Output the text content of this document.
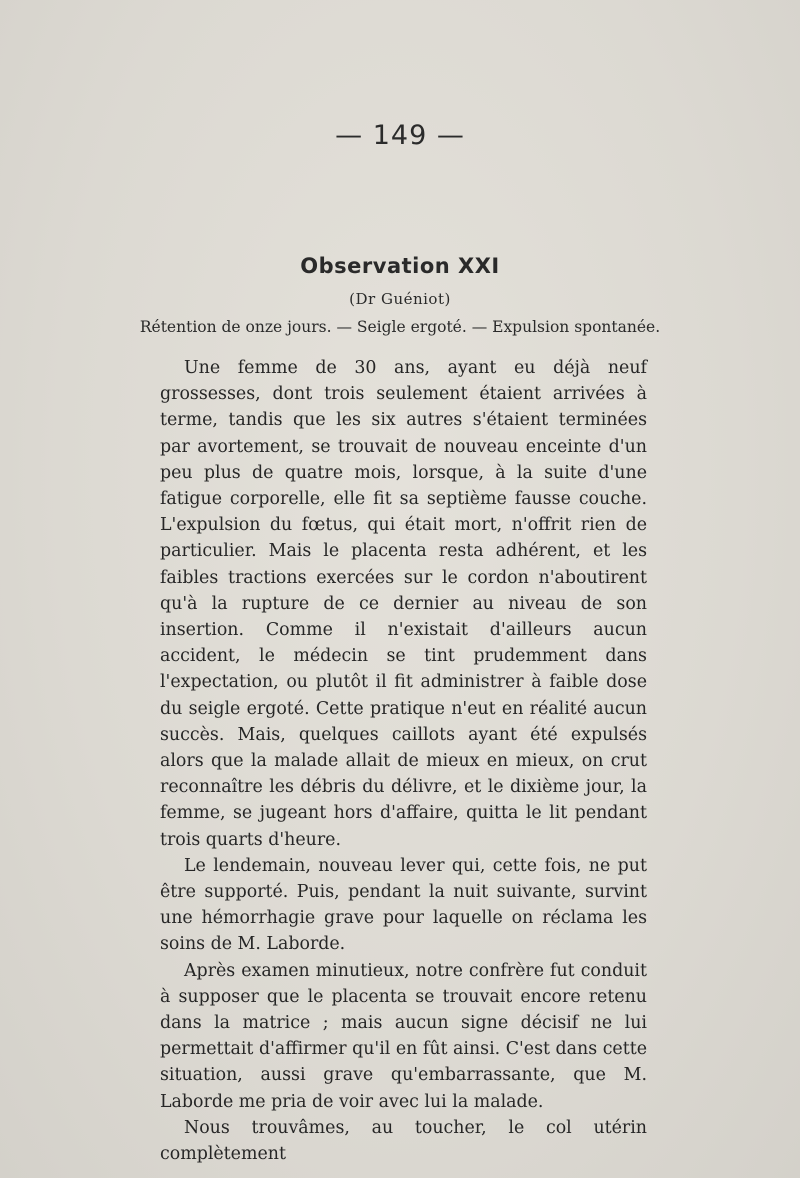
— 149 —
Observation XXI
(Dr Guéniot)
Rétention de onze jours. — Seigle ergoté. — Expulsion spontanée.

Une femme de 30 ans, ayant eu déjà neuf grossesses, dont trois seulement étaient arrivées à terme, tandis que les six autres s'étaient terminées par avortement, se trouvait de nouveau enceinte d'un peu plus de quatre mois, lorsque, à la suite d'une fatigue corporelle, elle fit sa septième fausse couche. L'expulsion du fœtus, qui était mort, n'offrit rien de particulier. Mais le placenta resta adhérent, et les faibles tractions exercées sur le cordon n'aboutirent qu'à la rupture de ce dernier au niveau de son insertion. Comme il n'existait d'ailleurs aucun accident, le médecin se tint prudemment dans l'expectation, ou plutôt il fit administrer à faible dose du seigle ergoté. Cette pratique n'eut en réalité aucun succès. Mais, quelques caillots ayant été expulsés alors que la malade allait de mieux en mieux, on crut reconnaître les débris du délivre, et le dixième jour, la femme, se jugeant hors d'affaire, quitta le lit pendant trois quarts d'heure.

Le lendemain, nouveau lever qui, cette fois, ne put être supporté. Puis, pendant la nuit suivante, survint une hémorrhagie grave pour laquelle on réclama les soins de M. Laborde.

Après examen minutieux, notre confrère fut conduit à supposer que le placenta se trouvait encore retenu dans la matrice ; mais aucun signe décisif ne lui permettait d'affirmer qu'il en fût ainsi. C'est dans cette situation, aussi grave qu'embarrassante, que M. Laborde me pria de voir avec lui la malade.

Nous trouvâmes, au toucher, le col utérin complètement
